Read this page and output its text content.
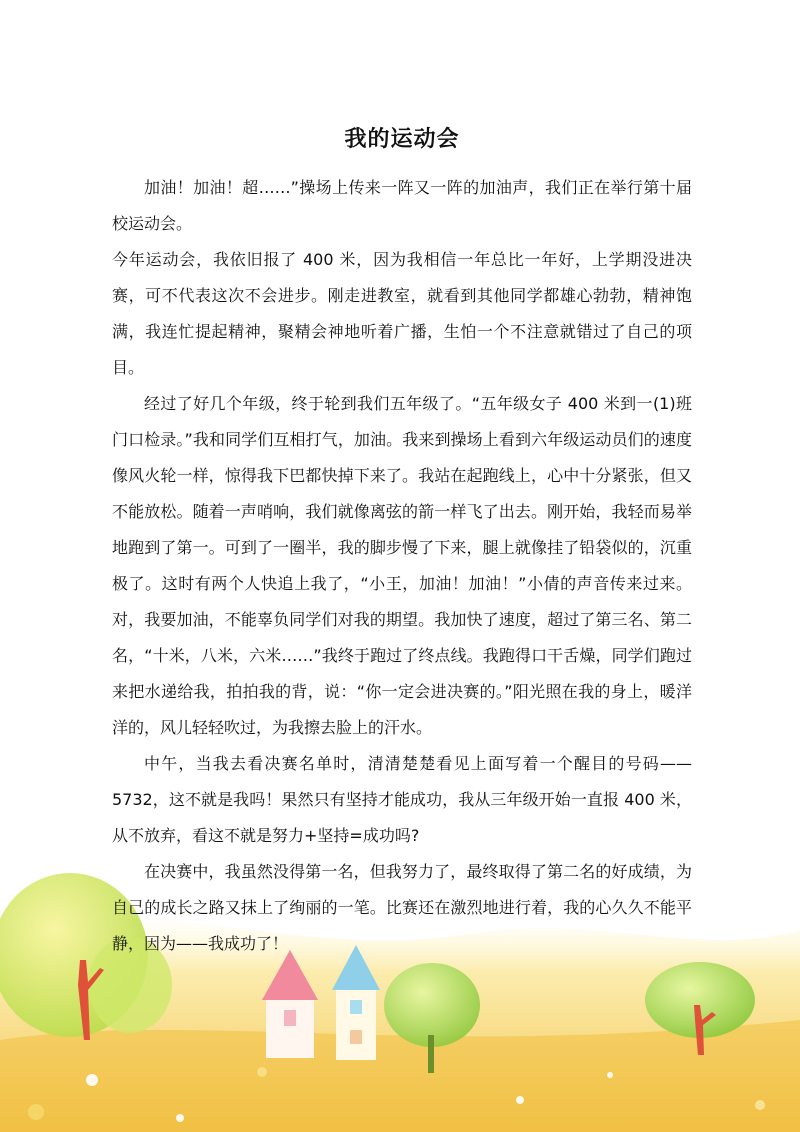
我的运动会

加油！加油！超……”操场上传来一阵又一阵的加油声，我们正在举行第十届校运动会。

今年运动会，我依旧报了 400 米，因为我相信一年总比一年好，上学期没进决赛，可不代表这次不会进步。刚走进教室，就看到其他同学都雄心勃勃，精神饱满，我连忙提起精神，聚精会神地听着广播，生怕一个不注意就错过了自己的项目。

经过了好几个年级，终于轮到我们五年级了。“五年级女子 400 米到一(1)班门口检录。”我和同学们互相打气，加油。我来到操场上看到六年级运动员们的速度像风火轮一样，惊得我下巴都快掉下来了。我站在起跑线上，心中十分紧张，但又不能放松。随着一声哨响，我们就像离弦的箭一样飞了出去。刚开始，我轻而易举地跑到了第一。可到了一圈半，我的脚步慢了下来，腿上就像挂了铅袋似的，沉重极了。这时有两个人快追上我了，“小王，加油！加油！”小倩的声音传来过来。对，我要加油，不能辜负同学们对我的期望。我加快了速度，超过了第三名、第二名，“十米，八米，六米……”我终于跑过了终点线。我跑得口干舌燥，同学们跑过来把水递给我，拍拍我的背，说：“你一定会进决赛的。”阳光照在我的身上，暖洋洋的，风儿轻轻吹过，为我擦去脸上的汗水。

中午，当我去看决赛名单时，清清楚楚看见上面写着一个醒目的号码——5732，这不就是我吗！果然只有坚持才能成功，我从三年级开始一直报 400 米，从不放弃，看这不就是努力+坚持=成功吗?

在决赛中，我虽然没得第一名，但我努力了，最终取得了第二名的好成绩，为自己的成长之路又抹上了绚丽的一笔。比赛还在激烈地进行着，我的心久久不能平静，因为——我成功了！
